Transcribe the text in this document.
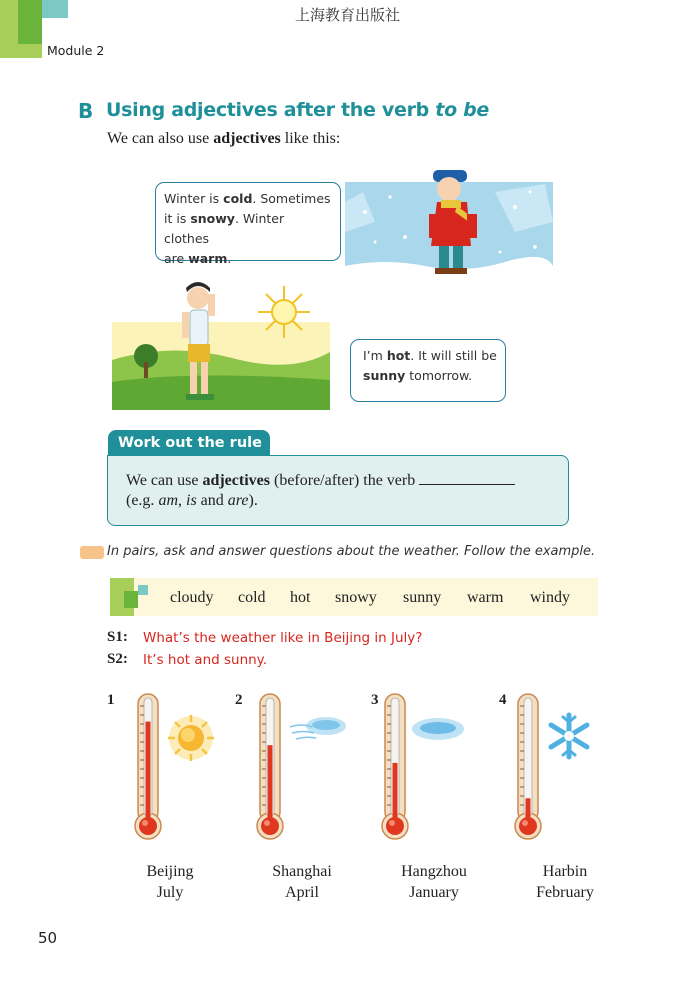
上海教育出版社
Module 2
B Using adjectives after the verb to be
We can also use adjectives like this:
Winter is cold. Sometimes
it is snowy. Winter clothes
are warm.
I’m hot. It will still be
sunny tomorrow.
Work out the rule
We can use adjectives (before/after) the verb
(e.g. am, is and are).
In pairs, ask and answer questions about the weather. Follow the example.
cloudy cold hot snowy sunny warm windy
S1: What’s the weather like in Beijing in July?
S2: It’s hot and sunny.
1	2	3	4
Beijing
July
Shanghai
April
Hangzhou
January
Harbin
February
50
